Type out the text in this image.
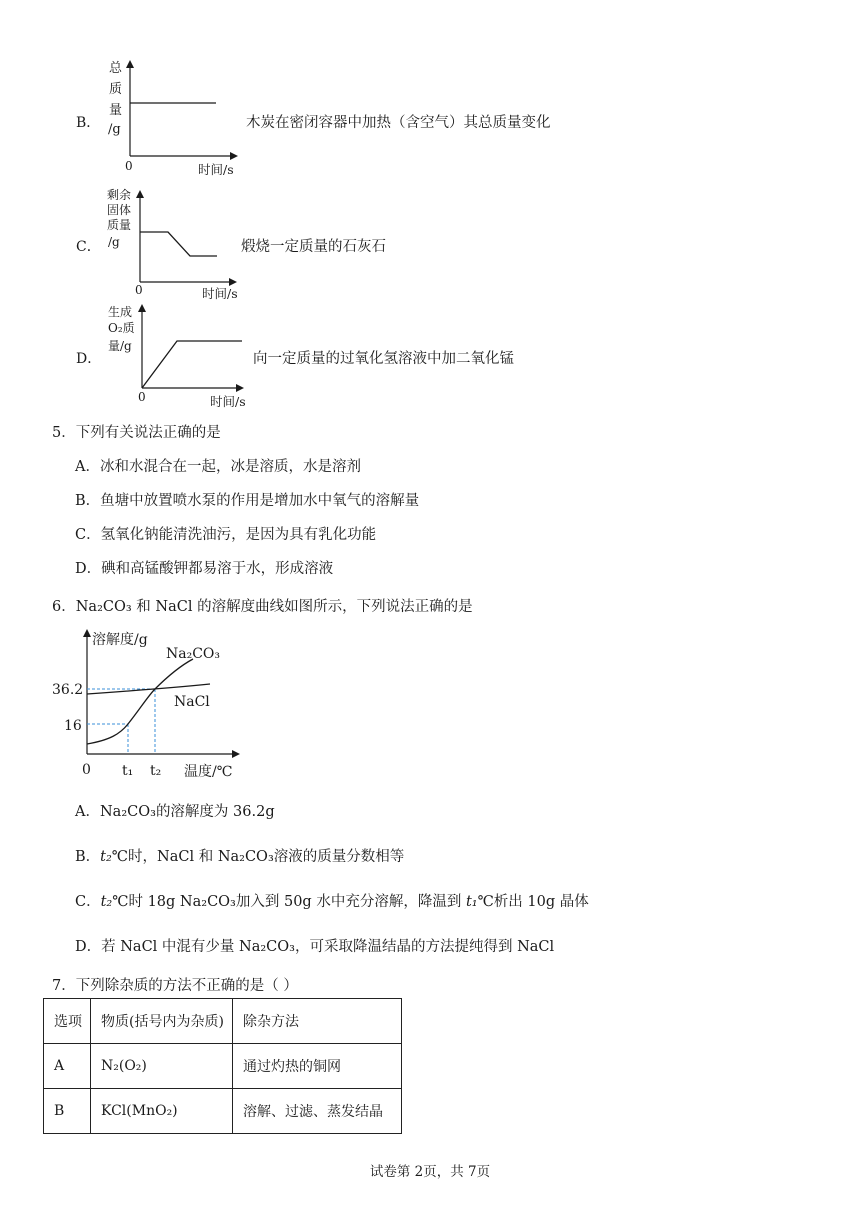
B．
总
质
量
/g
0	时间/s
木炭在密闭容器中加热（含空气）其总质量变化
C．
剩余
固体
质量
/g
0	时间/s
煅烧一定质量的石灰石
D．
生成
O₂质
量/g
0	时间/s
向一定质量的过氧化氢溶液中加二氧化锰
5．下列有关说法正确的是
A．冰和水混合在一起，冰是溶质，水是溶剂
B．鱼塘中放置喷水泵的作用是增加水中氧气的溶解量
C．氢氧化钠能清洗油污，是因为具有乳化功能
D．碘和高锰酸钾都易溶于水，形成溶液
6．Na₂CO₃ 和 NaCl 的溶解度曲线如图所示，下列说法正确的是
溶解度/g
Na₂CO₃
NaCl
36.2
16
0 t₁ t₂ 温度/℃
A．Na₂CO₃的溶解度为 36.2g
B．t₂℃时，NaCl 和 Na₂CO₃溶液的质量分数相等
C．t₂℃时 18g Na₂CO₃加入到 50g 水中充分溶解，降温到 t₁℃析出 10g 晶体
D．若 NaCl 中混有少量 Na₂CO₃，可采取降温结晶的方法提纯得到 NaCl
7．下列除杂质的方法不正确的是（ ）
选项	物质(括号内为杂质)	除杂方法
A	N₂(O₂)	通过灼热的铜网
B	KCl(MnO₂)	溶解、过滤、蒸发结晶
试卷第 2页，共 7页
